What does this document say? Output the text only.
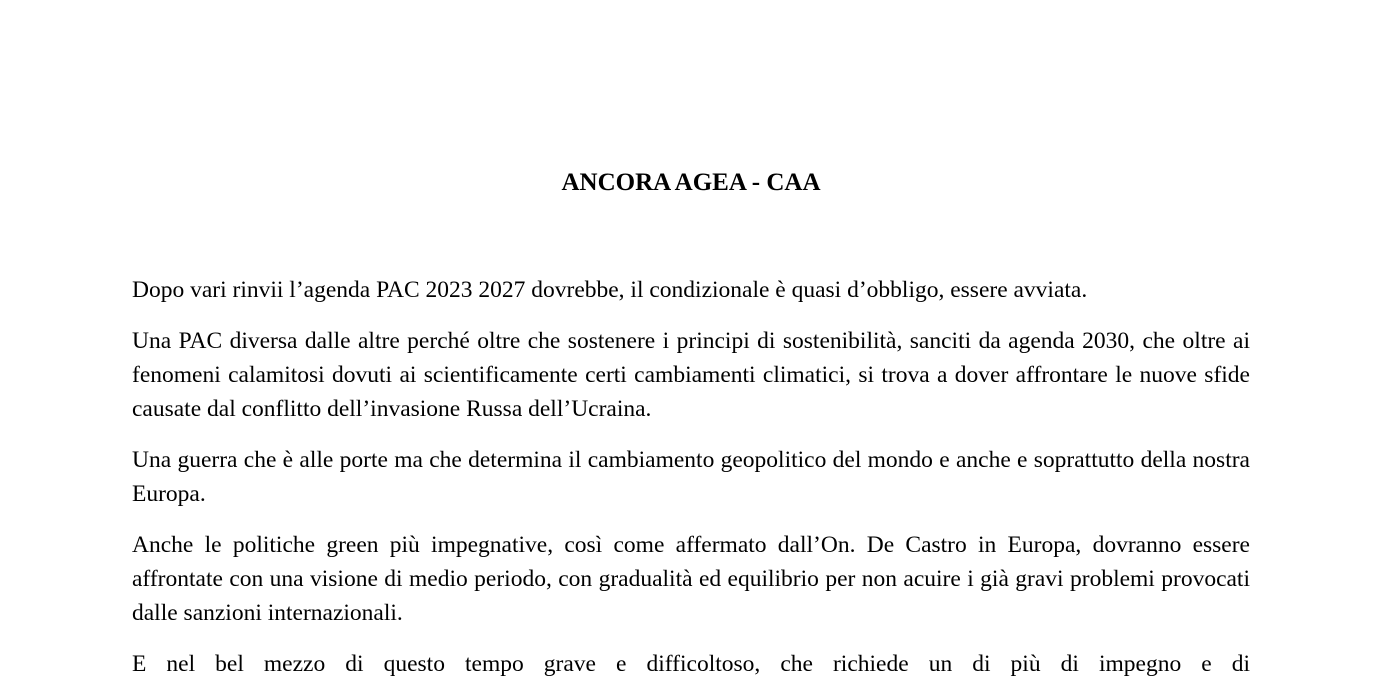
ANCORA AGEA - CAA

Dopo vari rinvii l’agenda PAC 2023 2027 dovrebbe, il condizionale è quasi d’obbligo, essere avviata.

Una PAC diversa dalle altre perché oltre che sostenere i principi di sostenibilità, sanciti da agenda 2030, che oltre ai fenomeni calamitosi dovuti ai scientificamente certi cambiamenti climatici, si trova a dover affrontare le nuove sfide causate dal conflitto dell’invasione Russa dell’Ucraina.

Una guerra che è alle porte ma che determina il cambiamento geopolitico del mondo e anche e soprattutto della nostra Europa.

Anche le politiche green più impegnative, così come affermato dall’On. De Castro in Europa, dovranno essere affrontate con una visione di medio periodo, con gradualità ed equilibrio per non acuire i già gravi problemi provocati dalle sanzioni internazionali.

E nel bel mezzo di questo tempo grave e difficoltoso, che richiede un di più di impegno e di
